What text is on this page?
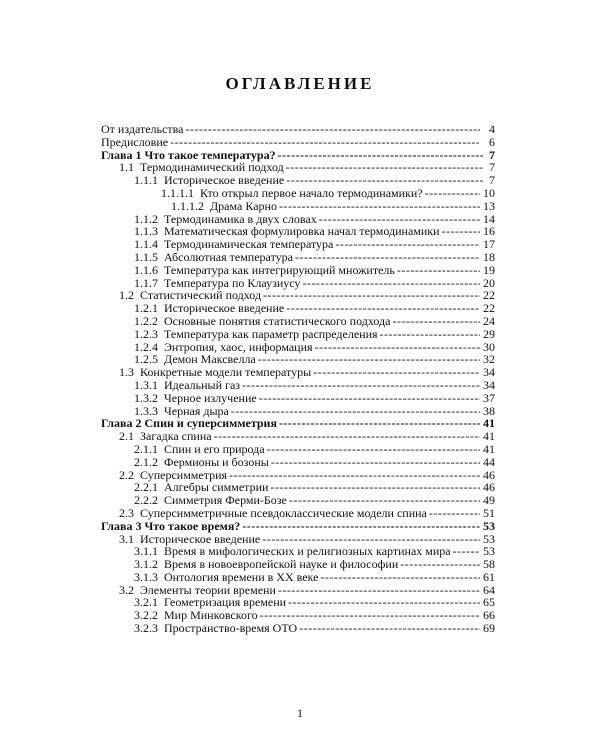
ОГЛАВЛЕНИЕ
От издательства -----	4
Предисловие -----	6
Глава 1 Что такое температура? -----	7
1.1 Термодинамический подход -----	7
1.1.1 Историческое введение -----	7
1.1.1.1 Кто открыл первое начало термодинамики? -----	10
1.1.1.2 Драма Карно -----	13
1.1.2 Термодинамика в двух словах -----	14
1.1.3 Математическая формулировка начал термодинамики -----	16
1.1.4 Термодинамическая температура -----	17
1.1.5 Абсолютная температура -----	18
1.1.6 Температура как интегрирующий множитель -----	19
1.1.7 Температура по Клаузиусу -----	20
1.2 Статистический подход -----	22
1.2.1 Историческое введение -----	22
1.2.2 Основные понятия статистического подхода -----	24
1.2.3 Температура как параметр распределения -----	29
1.2.4 Энтропия, хаос, информация -----	30
1.2.5 Демон Максвелла -----	32
1.3 Конкретные модели температуры -----	34
1.3.1 Идеальный газ -----	34
1.3.2 Черное излучение -----	37
1.3.3 Черная дыра -----	38
Глава 2 Спин и суперсимметрия -----	41
2.1 Загадка спина -----	41
2.1.1 Спин и его природа -----	41
2.1.2 Фермионы и бозоны -----	44
2.2 Суперсимметрия -----	46
2.2.1 Алгебры симметрии -----	46
2.2.2 Симметрия Ферми-Бозе -----	49
2.3 Суперсимметричные псевдоклассические модели спина -----	51
Глава 3 Что такое время? -----	53
3.1 Историческое введение -----	53
3.1.1 Время в мифологических и религиозных картинах мира -----	53
3.1.2 Время в новоевропейской науке и философии -----	58
3.1.3 Онтология времени в XX веке -----	61
3.2 Элементы теории времени -----	64
3.2.1 Геометризация времени -----	65
3.2.2 Мир Минковского -----	66
3.2.3 Пространство-время ОТО -----	69
1
